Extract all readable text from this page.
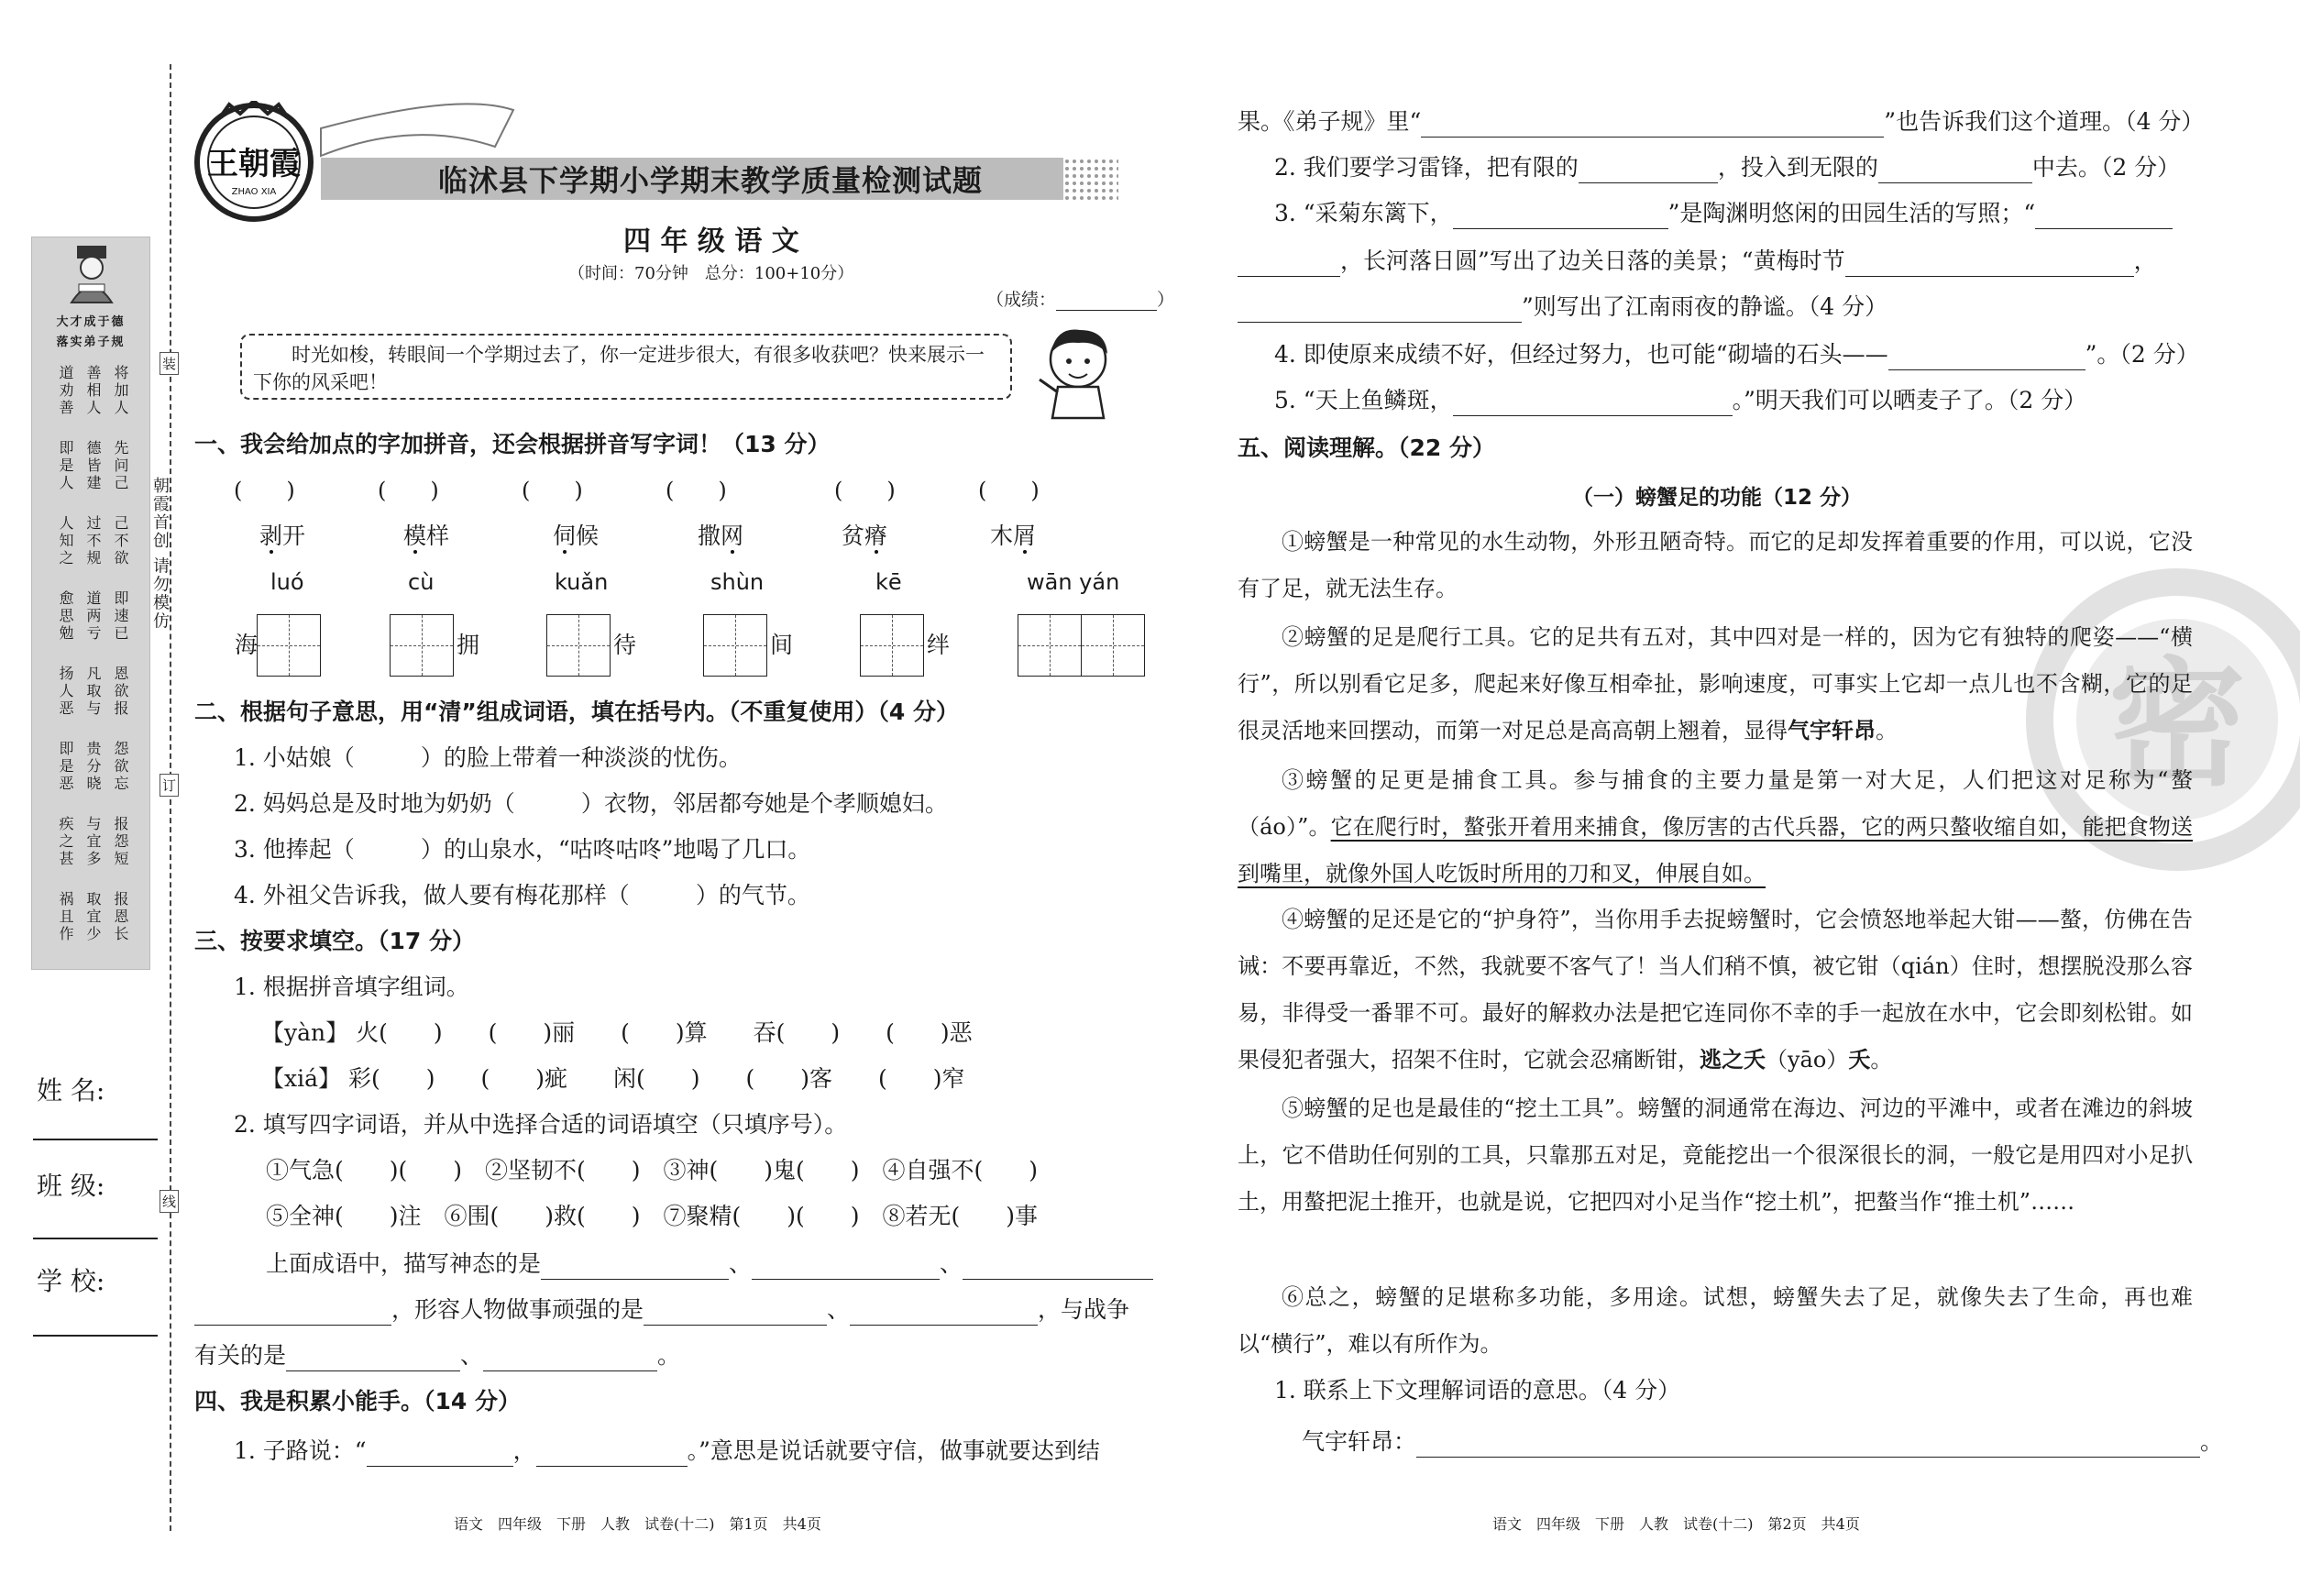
大才成于德
落实弟子规
将加人 善相人 道劝善
先问己 德皆建 即是人
己不欲 过不规 人知之
即速已 道两亏 愈思勉
恩欲报 凡取与 扬人恶
怨欲忘 贵分晓 即是恶
报怨短 与宜多 疾之甚
报恩长 取宜少 祸且作
姓 名:
班 级:
学 校:
装
订
线
朝霞首创 请勿模仿
王朝霞
ZHAO XIA	临沭县下学期小学期末教学质量检测试题
四 年 级 语 文
（时间：70分钟　总分：100+10分）
（成绩：	）
时光如梭，转眼间一个学期过去了，你一定进步很大，有很多收获吧？快来展示一下你的风采吧！
一、我会给加点的字加拼音，还会根据拼音写字词！（13 分）
(　　)	(　　)	(　　)	(　　)	(　　)	(　　)
剥开	模样	伺候	撒网	贫瘠	木屑
luó	cù	kuǎn	shùn	kē	wān yán
海	拥	待	间	绊
二、根据句子意思，用“清”组成词语，填在括号内。（不重复使用）（4 分）
1. 小姑娘（	）的脸上带着一种淡淡的忧伤。
2. 妈妈总是及时地为奶奶（	）衣物，邻居都夸她是个孝顺媳妇。
3. 他捧起（	）的山泉水，“咕咚咕咚”地喝了几口。
4. 外祖父告诉我，做人要有梅花那样（	）的气节。
三、按要求填空。（17 分）
1. 根据拼音填字组词。
【yàn】 火(　　)　　(　　)丽　　(　　)算　　吞(　　)　　(　　)恶
【xiá】 彩(　　)　　(　　)疵　　闲(　　)　　(　　)客　　(　　)窄
2. 填写四字词语，并从中选择合适的词语填空（只填序号）。
①气急(　　)(　　)　②坚韧不(　　)　③神(　　)鬼(　　)　④自强不(　　)
⑤全神(　　)注　⑥围(　　)救(　　)　⑦聚精(　　)(　　)　⑧若无(　　)事
上面成语中，描写神态的是	、	、
，形容人物做事顽强的是	、	，与战争
有关的是	、	。
四、我是积累小能手。（14 分）
1. 子路说：“	，	。”意思是说话就要守信，做事就要达到结
语文　四年级　下册　人教　试卷(十二)　第1页　共4页
密
果。《弟子规》里“	”也告诉我们这个道理。（4 分）
2. 我们要学习雷锋，把有限的	，投入到无限的	中去。（2 分）
3. “采菊东篱下，	”是陶渊明悠闲的田园生活的写照；“
，长河落日圆”写出了边关日落的美景；“黄梅时节	，
”则写出了江南雨夜的静谧。（4 分）
4. 即使原来成绩不好，但经过努力，也可能“砌墙的石头——	”。（2 分）
5. “天上鱼鳞斑，	。”明天我们可以晒麦子了。（2 分）
五、阅读理解。（22 分）
（一）螃蟹足的功能（12 分）
①螃蟹是一种常见的水生动物，外形丑陋奇特。而它的足却发挥着重要的作用，可以说，它没有了足，就无法生存。
②螃蟹的足是爬行工具。它的足共有五对，其中四对是一样的，因为它有独特的爬姿——“横行”，所以别看它足多，爬起来好像互相牵扯，影响速度，可事实上它却一点儿也不含糊，它的足很灵活地来回摆动，而第一对足总是高高朝上翘着，显得气宇轩昂。
③螃蟹的足更是捕食工具。参与捕食的主要力量是第一对大足，人们把这对足称为“螯（áo）”。它在爬行时，螯张开着用来捕食，像厉害的古代兵器，它的两只螯收缩自如，能把食物送到嘴里，就像外国人吃饭时所用的刀和叉，伸展自如。
④螃蟹的足还是它的“护身符”，当你用手去捉螃蟹时，它会愤怒地举起大钳——螯，仿佛在告诫：不要再靠近，不然，我就要不客气了！当人们稍不慎，被它钳（qián）住时，想摆脱没那么容易，非得受一番罪不可。最好的解救办法是把它连同你不幸的手一起放在水中，它会即刻松钳。如果侵犯者强大，招架不住时，它就会忍痛断钳，逃之夭（yāo）夭。
⑤螃蟹的足也是最佳的“挖土工具”。螃蟹的洞通常在海边、河边的平滩中，或者在滩边的斜坡上，它不借助任何别的工具，只靠那五对足，竟能挖出一个很深很长的洞，一般它是用四对小足扒土，用螯把泥土推开，也就是说，它把四对小足当作“挖土机”，把螯当作“推土机”……
⑥总之，螃蟹的足堪称多功能，多用途。试想，螃蟹失去了足，就像失去了生命，再也难以“横行”，难以有所作为。
1. 联系上下文理解词语的意思。（4 分）
气宇轩昂：	。
语文　四年级　下册　人教　试卷(十二)　第2页　共4页
